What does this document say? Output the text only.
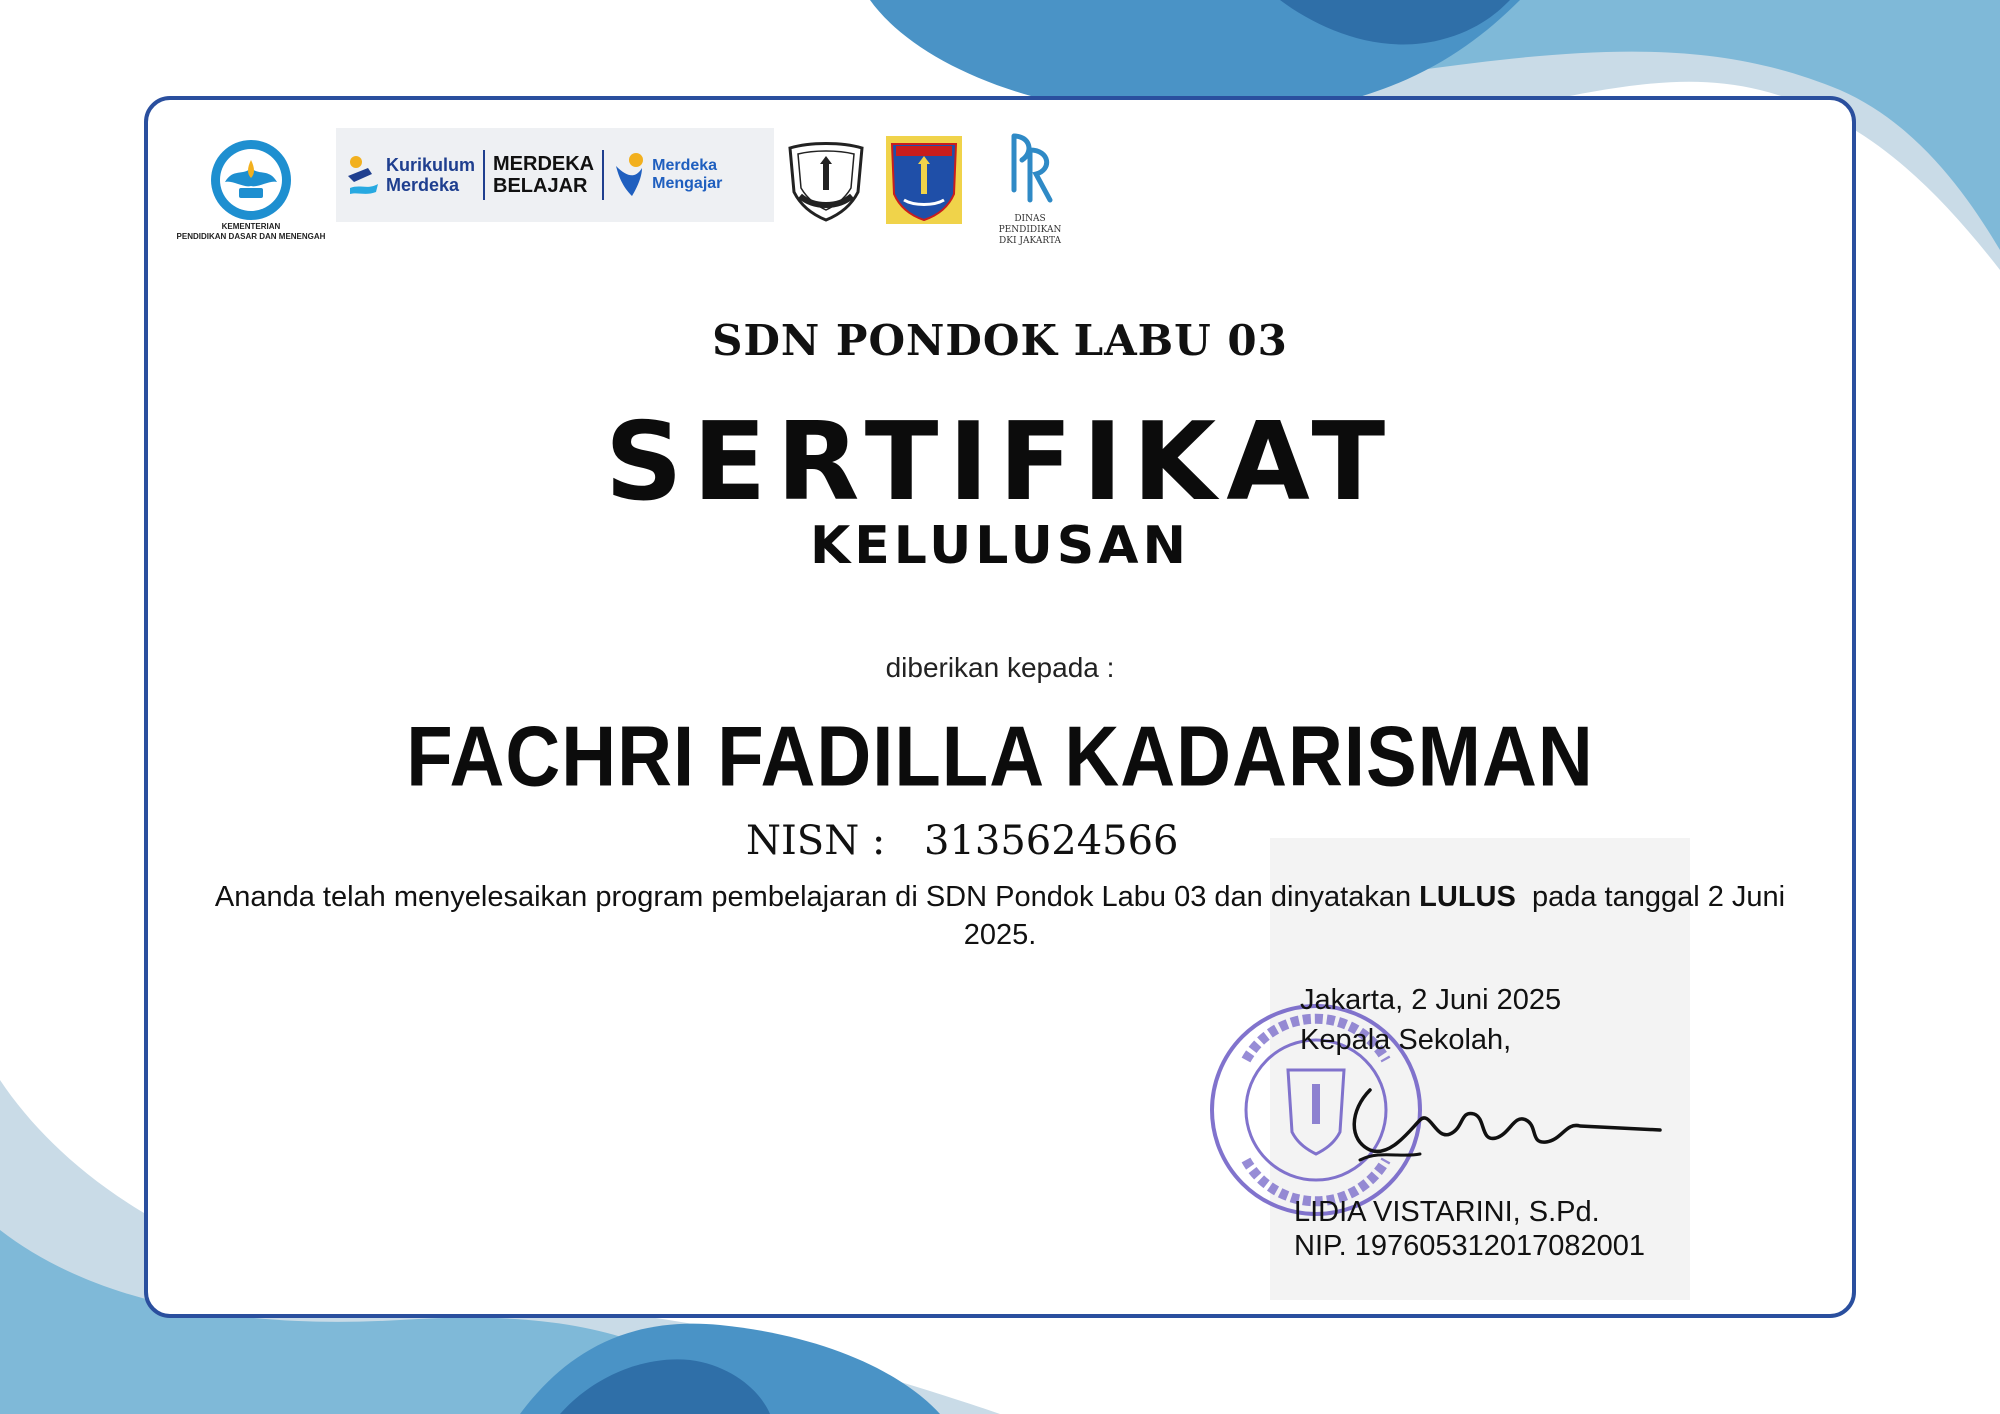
KEMENTERIAN
PENDIDIKAN DASAR DAN MENENGAH
Kurikulum
Merdeka
MERDEKA
BELAJAR
Merdeka
Mengajar
DINAS PENDIDIKAN
DKI JAKARTA
SDN PONDOK LABU 03
SERTIFIKAT
KELULUSAN
diberikan kepada :
FACHRI FADILLA KADARISMAN
NISN : 3135624566
Ananda telah menyelesaikan program pembelajaran di SDN Pondok Labu 03 dan dinyatakan LULUS  pada tanggal 2 Juni 2025.
Jakarta, 2 Juni 2025
Kepala Sekolah,
LIDIA VISTARINI, S.Pd.
NIP. 197605312017082001
